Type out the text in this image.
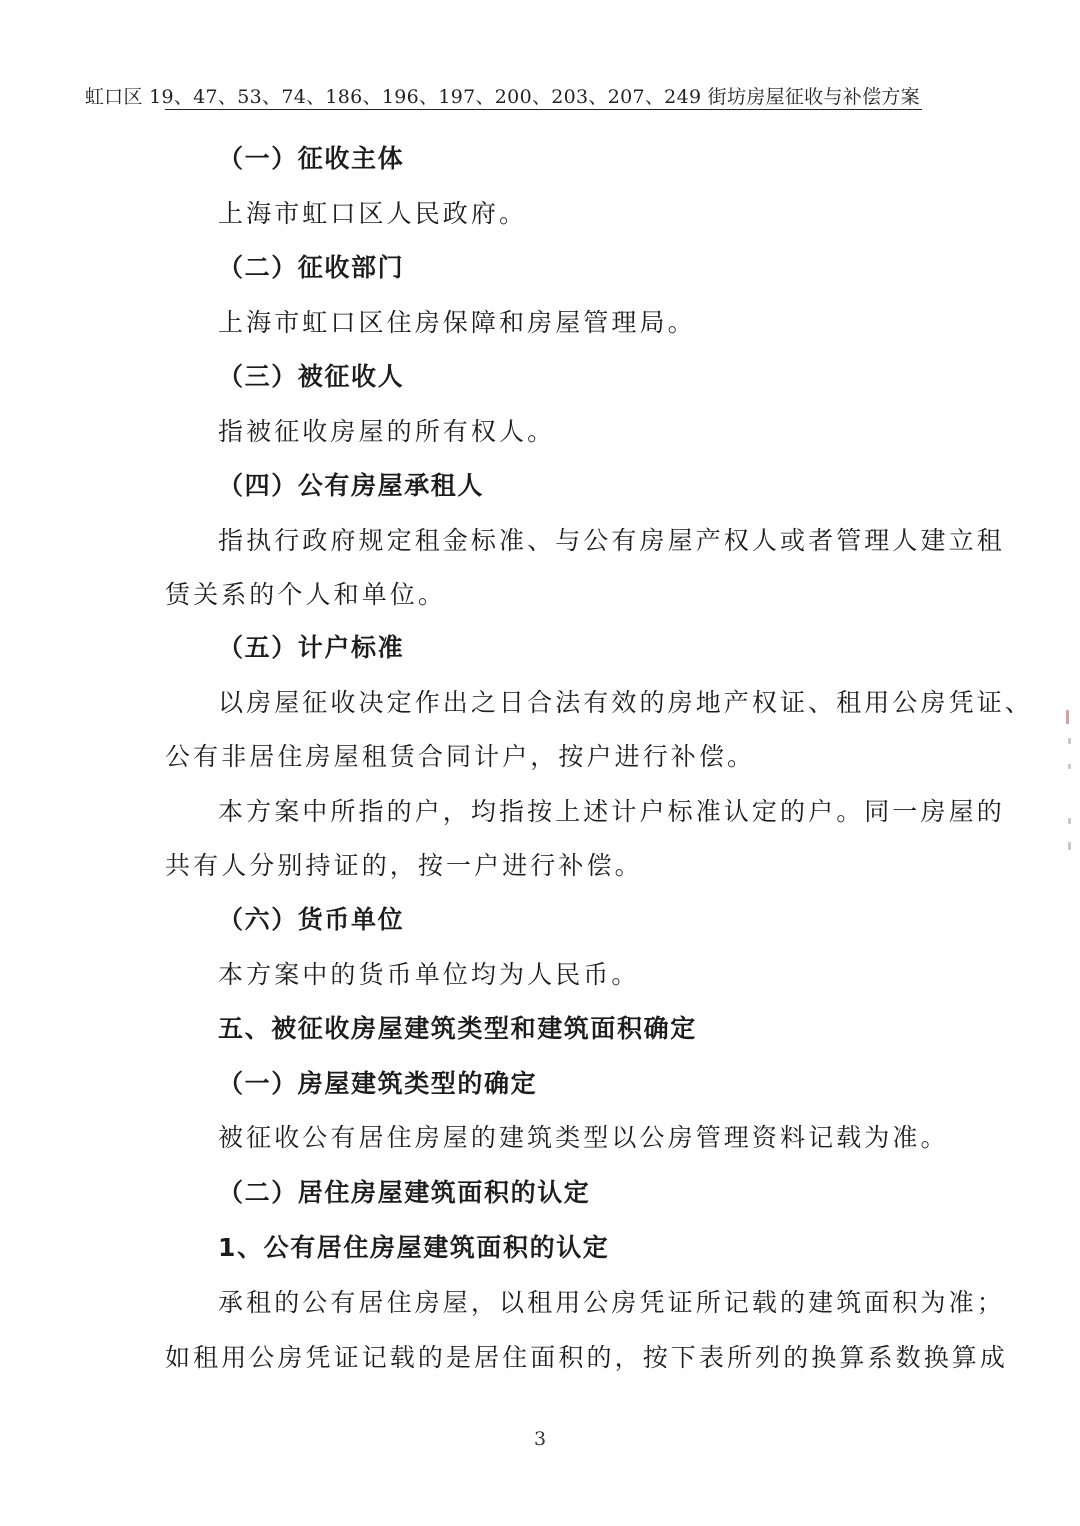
虹口区 19、47、53、74、186、196、197、200、203、207、249 街坊房屋征收与补偿方案
（一）征收主体
上海市虹口区人民政府。
（二）征收部门
上海市虹口区住房保障和房屋管理局。
（三）被征收人
指被征收房屋的所有权人。
（四）公有房屋承租人
指执行政府规定租金标准、与公有房屋产权人或者管理人建立租
赁关系的个人和单位。
（五）计户标准
以房屋征收决定作出之日合法有效的房地产权证、租用公房凭证、
公有非居住房屋租赁合同计户，按户进行补偿。
本方案中所指的户，均指按上述计户标准认定的户。同一房屋的
共有人分别持证的，按一户进行补偿。
（六）货币单位
本方案中的货币单位均为人民币。
五、被征收房屋建筑类型和建筑面积确定
（一）房屋建筑类型的确定
被征收公有居住房屋的建筑类型以公房管理资料记载为准。
（二）居住房屋建筑面积的认定
1、公有居住房屋建筑面积的认定
承租的公有居住房屋，以租用公房凭证所记载的建筑面积为准；
如租用公房凭证记载的是居住面积的，按下表所列的换算系数换算成
3
